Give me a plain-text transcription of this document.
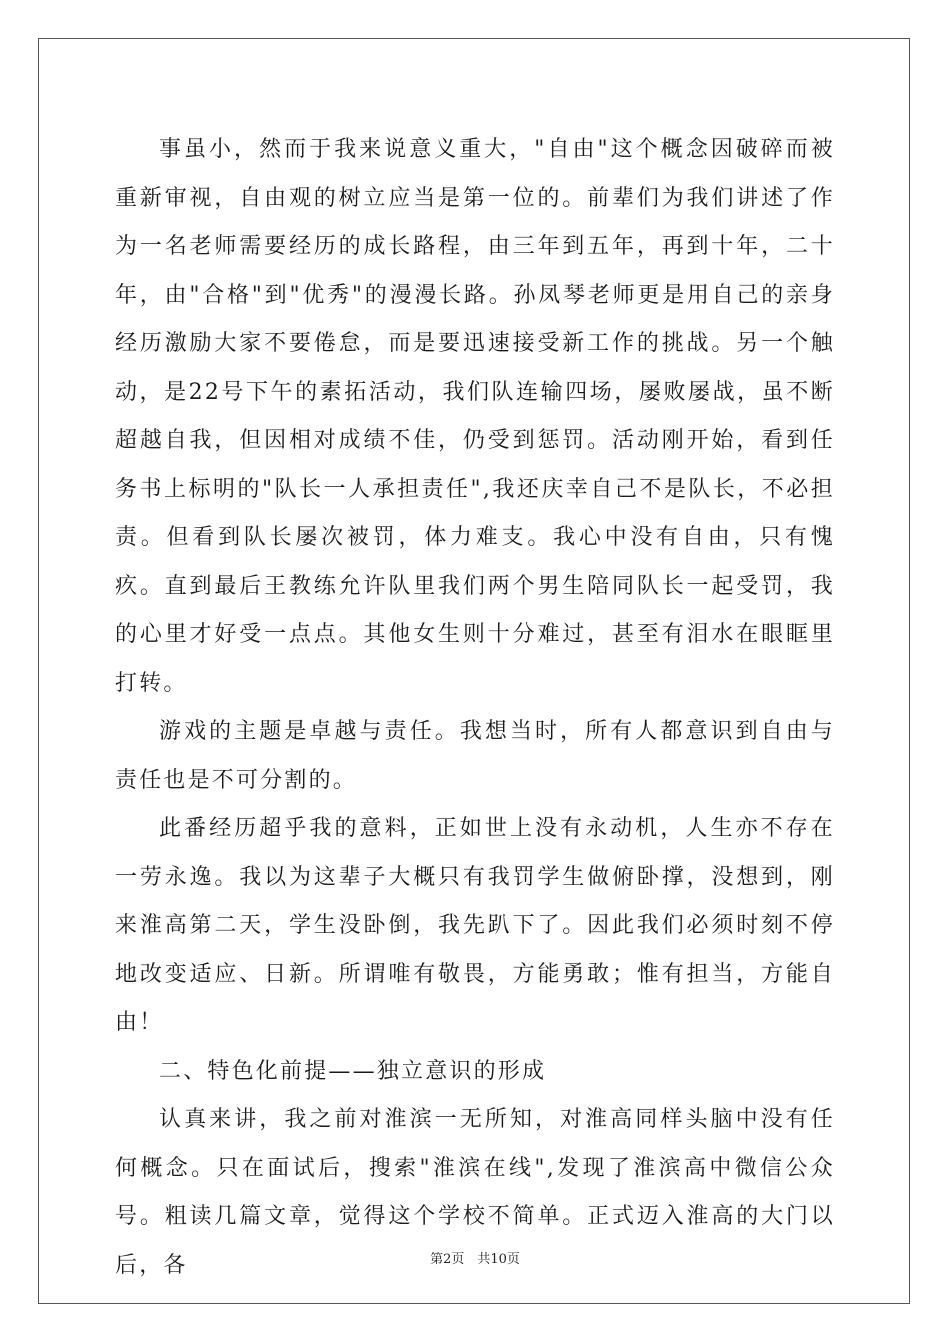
事虽小，然而于我来说意义重大，"自由"这个概念因破碎而被重新审视，自由观的树立应当是第一位的。前辈们为我们讲述了作为一名老师需要经历的成长路程，由三年到五年，再到十年，二十年，由"合格"到"优秀"的漫漫长路。孙凤琴老师更是用自己的亲身经历激励大家不要倦怠，而是要迅速接受新工作的挑战。另一个触动，是22号下午的素拓活动，我们队连输四场，屡败屡战，虽不断超越自我，但因相对成绩不佳，仍受到惩罚。活动刚开始，看到任务书上标明的"队长一人承担责任",我还庆幸自己不是队长，不必担责。但看到队长屡次被罚，体力难支。我心中没有自由，只有愧疚。直到最后王教练允许队里我们两个男生陪同队长一起受罚，我的心里才好受一点点。其他女生则十分难过，甚至有泪水在眼眶里打转。

游戏的主题是卓越与责任。我想当时，所有人都意识到自由与责任也是不可分割的。

此番经历超乎我的意料，正如世上没有永动机，人生亦不存在一劳永逸。我以为这辈子大概只有我罚学生做俯卧撑，没想到，刚来淮高第二天，学生没卧倒，我先趴下了。因此我们必须时刻不停地改变适应、日新。所谓唯有敬畏，方能勇敢；惟有担当，方能自由！

二、特色化前提——独立意识的形成

认真来讲，我之前对淮滨一无所知，对淮高同样头脑中没有任何概念。只在面试后，搜索"淮滨在线",发现了淮滨高中微信公众号。粗读几篇文章，觉得这个学校不简单。正式迈入淮高的大门以后，各	第2页　共10页
